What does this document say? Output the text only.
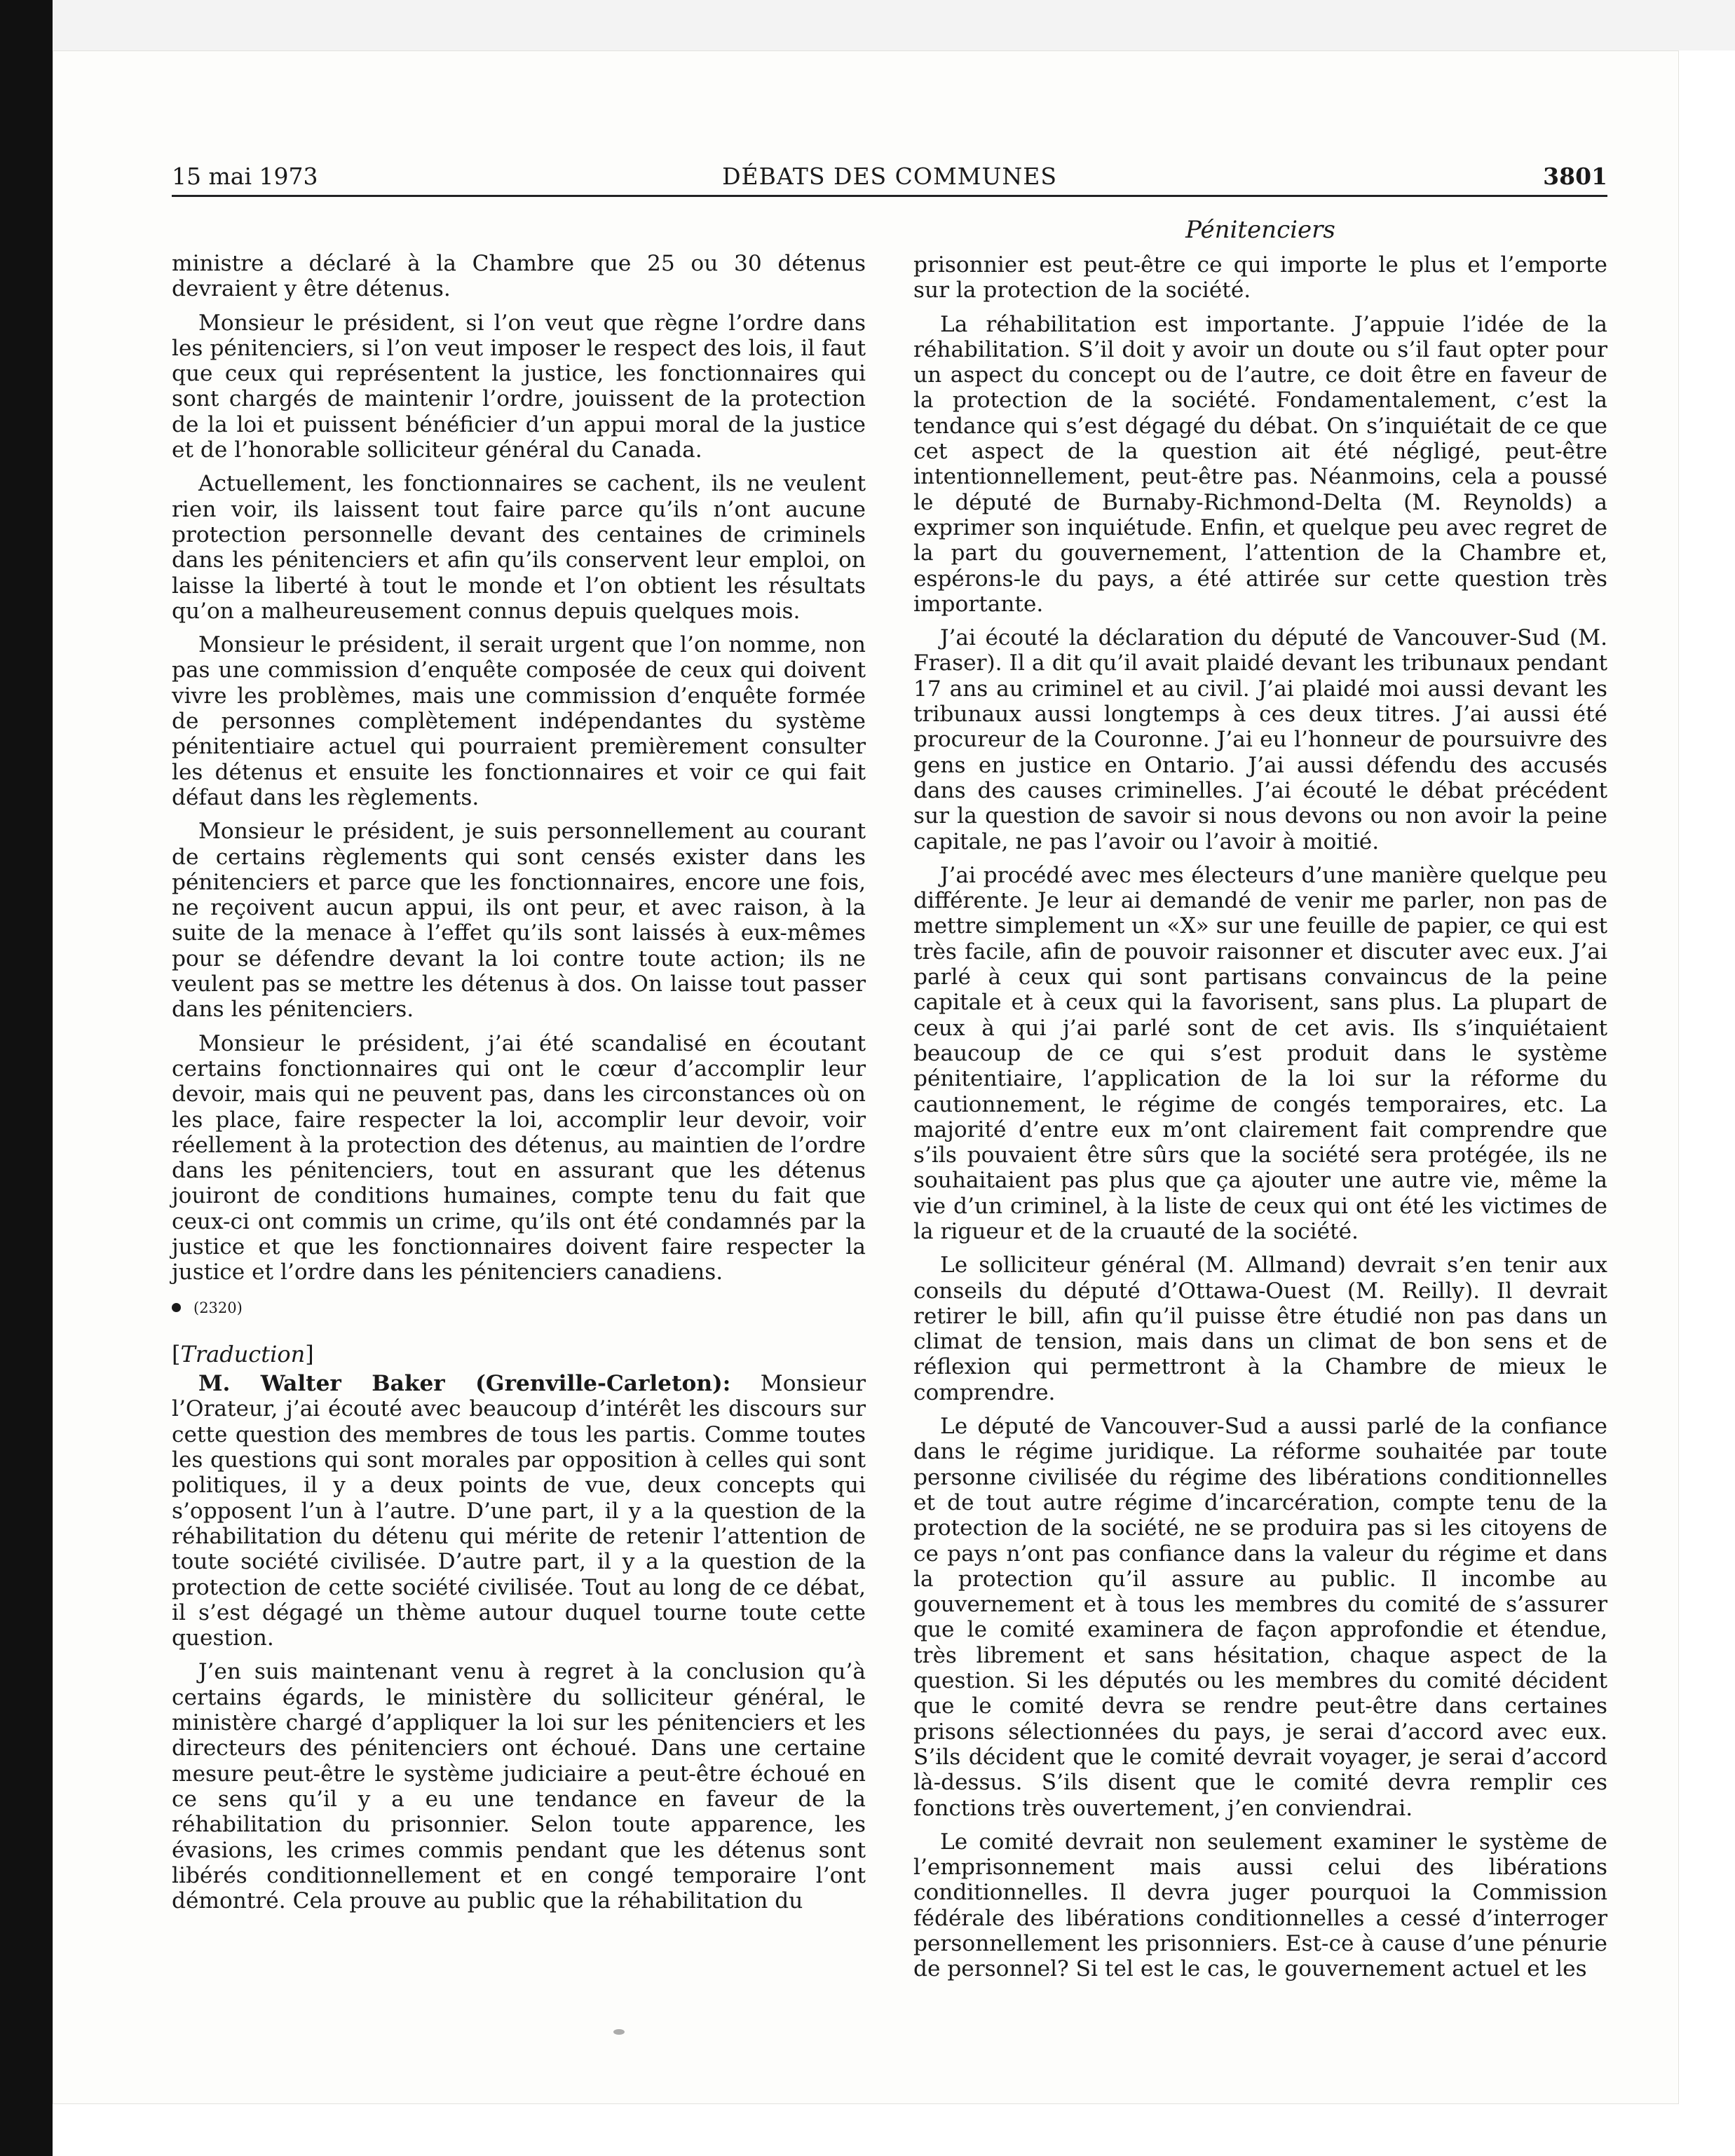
15 mai 1973	DÉBATS DES COMMUNES	3801

ministre a déclaré à la Chambre que 25 ou 30 détenus devraient y être détenus.

Monsieur le président, si l’on veut que règne l’ordre dans les pénitenciers, si l’on veut imposer le respect des lois, il faut que ceux qui représentent la justice, les fonctionnaires qui sont chargés de maintenir l’ordre, jouissent de la protection de la loi et puissent bénéficier d’un appui moral de la justice et de l’honorable solliciteur général du Canada.

Actuellement, les fonctionnaires se cachent, ils ne veulent rien voir, ils laissent tout faire parce qu’ils n’ont aucune protection personnelle devant des centaines de criminels dans les pénitenciers et afin qu’ils conservent leur emploi, on laisse la liberté à tout le monde et l’on obtient les résultats qu’on a malheureusement connus depuis quelques mois.

Monsieur le président, il serait urgent que l’on nomme, non pas une commission d’enquête composée de ceux qui doivent vivre les problèmes, mais une commission d’enquête formée de personnes complètement indépendantes du système pénitentiaire actuel qui pourraient premièrement consulter les détenus et ensuite les fonctionnaires et voir ce qui fait défaut dans les règlements.

Monsieur le président, je suis personnellement au courant de certains règlements qui sont censés exister dans les pénitenciers et parce que les fonctionnaires, encore une fois, ne reçoivent aucun appui, ils ont peur, et avec raison, à la suite de la menace à l’effet qu’ils sont laissés à eux-mêmes pour se défendre devant la loi contre toute action; ils ne veulent pas se mettre les détenus à dos. On laisse tout passer dans les pénitenciers.

Monsieur le président, j’ai été scandalisé en écoutant certains fonctionnaires qui ont le cœur d’accomplir leur devoir, mais qui ne peuvent pas, dans les circonstances où on les place, faire respecter la loi, accomplir leur devoir, voir réellement à la protection des détenus, au maintien de l’ordre dans les pénitenciers, tout en assurant que les détenus jouiront de conditions humaines, compte tenu du fait que ceux-ci ont commis un crime, qu’ils ont été condamnés par la justice et que les fonctionnaires doivent faire respecter la justice et l’ordre dans les pénitenciers canadiens.

(2320)
[Traduction]

M. Walter Baker (Grenville-Carleton): Monsieur l’Orateur, j’ai écouté avec beaucoup d’intérêt les discours sur cette question des membres de tous les partis. Comme toutes les questions qui sont morales par opposition à celles qui sont politiques, il y a deux points de vue, deux concepts qui s’opposent l’un à l’autre. D’une part, il y a la question de la réhabilitation du détenu qui mérite de retenir l’attention de toute société civilisée. D’autre part, il y a la question de la protection de cette société civilisée. Tout au long de ce débat, il s’est dégagé un thème autour duquel tourne toute cette question.

J’en suis maintenant venu à regret à la conclusion qu’à certains égards, le ministère du solliciteur général, le ministère chargé d’appliquer la loi sur les pénitenciers et les directeurs des pénitenciers ont échoué. Dans une certaine mesure peut-être le système judiciaire a peut-être échoué en ce sens qu’il y a eu une tendance en faveur de la réhabilitation du prisonnier. Selon toute apparence, les évasions, les crimes commis pendant que les détenus sont libérés conditionnellement et en congé temporaire l’ont démontré. Cela prouve au public que la réhabilitation du

Pénitenciers

prisonnier est peut-être ce qui importe le plus et l’emporte sur la protection de la société.

La réhabilitation est importante. J’appuie l’idée de la réhabilitation. S’il doit y avoir un doute ou s’il faut opter pour un aspect du concept ou de l’autre, ce doit être en faveur de la protection de la société. Fondamentalement, c’est la tendance qui s’est dégagé du débat. On s’inquiétait de ce que cet aspect de la question ait été négligé, peut-être intentionnellement, peut-être pas. Néanmoins, cela a poussé le député de Burnaby-Richmond-Delta (M. Reynolds) a exprimer son inquiétude. Enfin, et quelque peu avec regret de la part du gouvernement, l’attention de la Chambre et, espérons-le du pays, a été attirée sur cette question très importante.

J’ai écouté la déclaration du député de Vancouver-Sud (M. Fraser). Il a dit qu’il avait plaidé devant les tribunaux pendant 17 ans au criminel et au civil. J’ai plaidé moi aussi devant les tribunaux aussi longtemps à ces deux titres. J’ai aussi été procureur de la Couronne. J’ai eu l’honneur de poursuivre des gens en justice en Ontario. J’ai aussi défendu des accusés dans des causes criminelles. J’ai écouté le débat précédent sur la question de savoir si nous devons ou non avoir la peine capitale, ne pas l’avoir ou l’avoir à moitié.

J’ai procédé avec mes électeurs d’une manière quelque peu différente. Je leur ai demandé de venir me parler, non pas de mettre simplement un «X» sur une feuille de papier, ce qui est très facile, afin de pouvoir raisonner et discuter avec eux. J’ai parlé à ceux qui sont partisans convaincus de la peine capitale et à ceux qui la favorisent, sans plus. La plupart de ceux à qui j’ai parlé sont de cet avis. Ils s’inquiétaient beaucoup de ce qui s’est produit dans le système pénitentiaire, l’application de la loi sur la réforme du cautionnement, le régime de congés temporaires, etc. La majorité d’entre eux m’ont clairement fait comprendre que s’ils pouvaient être sûrs que la société sera protégée, ils ne souhaitaient pas plus que ça ajouter une autre vie, même la vie d’un criminel, à la liste de ceux qui ont été les victimes de la rigueur et de la cruauté de la société.

Le solliciteur général (M. Allmand) devrait s’en tenir aux conseils du député d’Ottawa-Ouest (M. Reilly). Il devrait retirer le bill, afin qu’il puisse être étudié non pas dans un climat de tension, mais dans un climat de bon sens et de réflexion qui permettront à la Chambre de mieux le comprendre.

Le député de Vancouver-Sud a aussi parlé de la confiance dans le régime juridique. La réforme souhaitée par toute personne civilisée du régime des libérations conditionnelles et de tout autre régime d’incarcération, compte tenu de la protection de la société, ne se produira pas si les citoyens de ce pays n’ont pas confiance dans la valeur du régime et dans la protection qu’il assure au public. Il incombe au gouvernement et à tous les membres du comité de s’assurer que le comité examinera de façon approfondie et étendue, très librement et sans hésitation, chaque aspect de la question. Si les députés ou les membres du comité décident que le comité devra se rendre peut-être dans certaines prisons sélectionnées du pays, je serai d’accord avec eux. S’ils décident que le comité devrait voyager, je serai d’accord là-dessus. S’ils disent que le comité devra remplir ces fonctions très ouvertement, j’en conviendrai.

Le comité devrait non seulement examiner le système de l’emprisonnement mais aussi celui des libérations conditionnelles. Il devra juger pourquoi la Commission fédérale des libérations conditionnelles a cessé d’interroger personnellement les prisonniers. Est-ce à cause d’une pénurie de personnel? Si tel est le cas, le gouvernement actuel et les
